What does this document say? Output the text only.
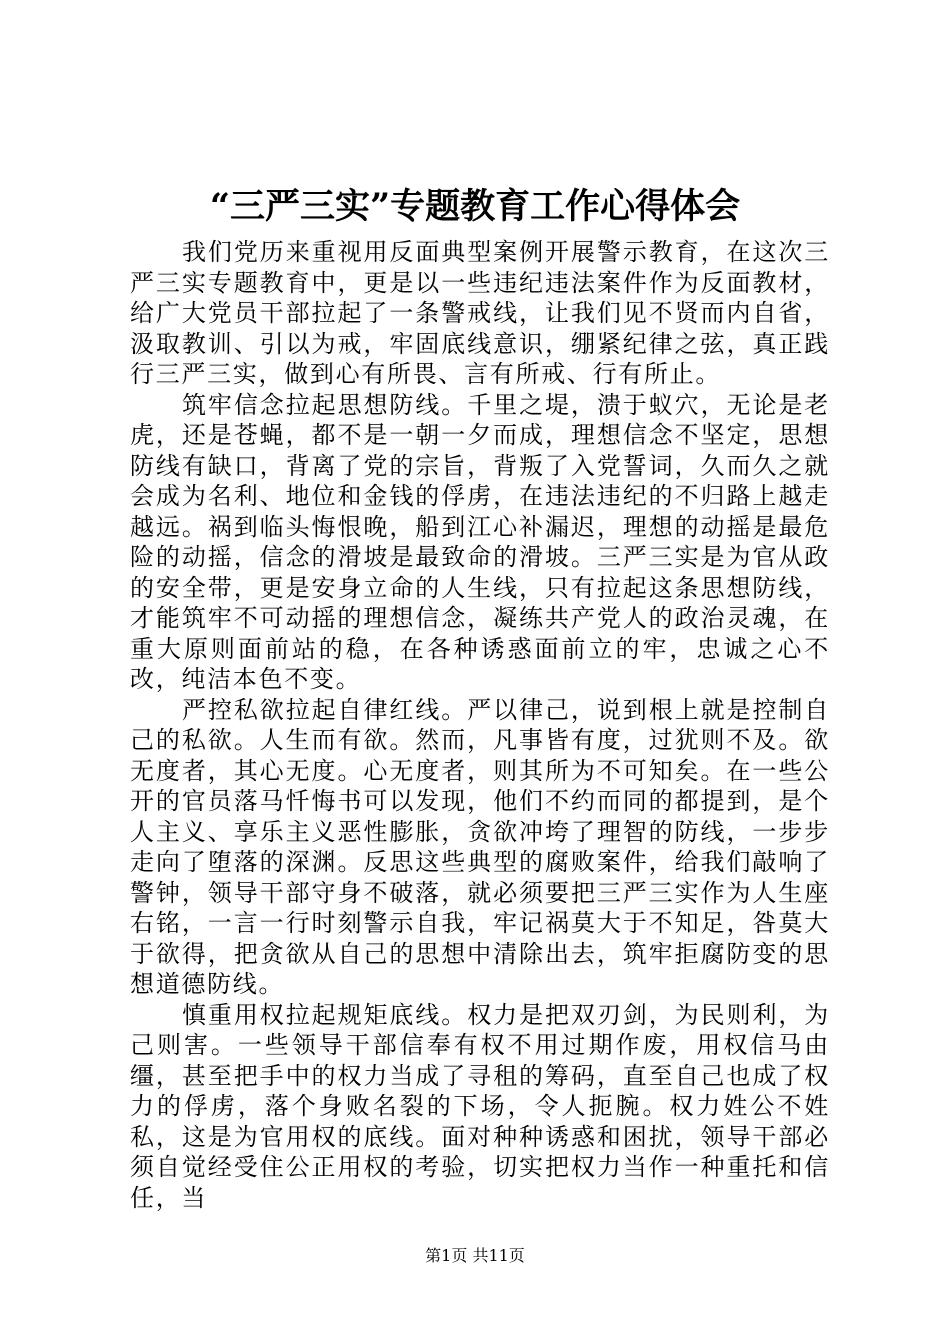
“三严三实”专题教育工作心得体会

我们党历来重视用反面典型案例开展警示教育，在这次三严三实专题教育中，更是以一些违纪违法案件作为反面教材，给广大党员干部拉起了一条警戒线，让我们见不贤而内自省，汲取教训、引以为戒，牢固底线意识，绷紧纪律之弦，真正践行三严三实，做到心有所畏、言有所戒、行有所止。

筑牢信念拉起思想防线。千里之堤，溃于蚁穴，无论是老虎，还是苍蝇，都不是一朝一夕而成，理想信念不坚定，思想防线有缺口，背离了党的宗旨，背叛了入党誓词，久而久之就会成为名利、地位和金钱的俘虏，在违法违纪的不归路上越走越远。祸到临头悔恨晚，船到江心补漏迟，理想的动摇是最危险的动摇，信念的滑坡是最致命的滑坡。三严三实是为官从政的安全带，更是安身立命的人生线，只有拉起这条思想防线，才能筑牢不可动摇的理想信念，凝练共产党人的政治灵魂，在重大原则面前站的稳，在各种诱惑面前立的牢，忠诚之心不改，纯洁本色不变。

严控私欲拉起自律红线。严以律己，说到根上就是控制自己的私欲。人生而有欲。然而，凡事皆有度，过犹则不及。欲无度者，其心无度。心无度者，则其所为不可知矣。在一些公开的官员落马忏悔书可以发现，他们不约而同的都提到，是个人主义、享乐主义恶性膨胀，贪欲冲垮了理智的防线，一步步走向了堕落的深渊。反思这些典型的腐败案件，给我们敲响了警钟，领导干部守身不破落，就必须要把三严三实作为人生座右铭，一言一行时刻警示自我，牢记祸莫大于不知足，咎莫大于欲得，把贪欲从自己的思想中清除出去，筑牢拒腐防变的思想道德防线。

慎重用权拉起规矩底线。权力是把双刃剑，为民则利，为己则害。一些领导干部信奉有权不用过期作废，用权信马由缰，甚至把手中的权力当成了寻租的筹码，直至自己也成了权力的俘虏，落个身败名裂的下场，令人扼腕。权力姓公不姓私，这是为官用权的底线。面对种种诱惑和困扰，领导干部必须自觉经受住公正用权的考验，切实把权力当作一种重托和信任，当

第1页 共11页
